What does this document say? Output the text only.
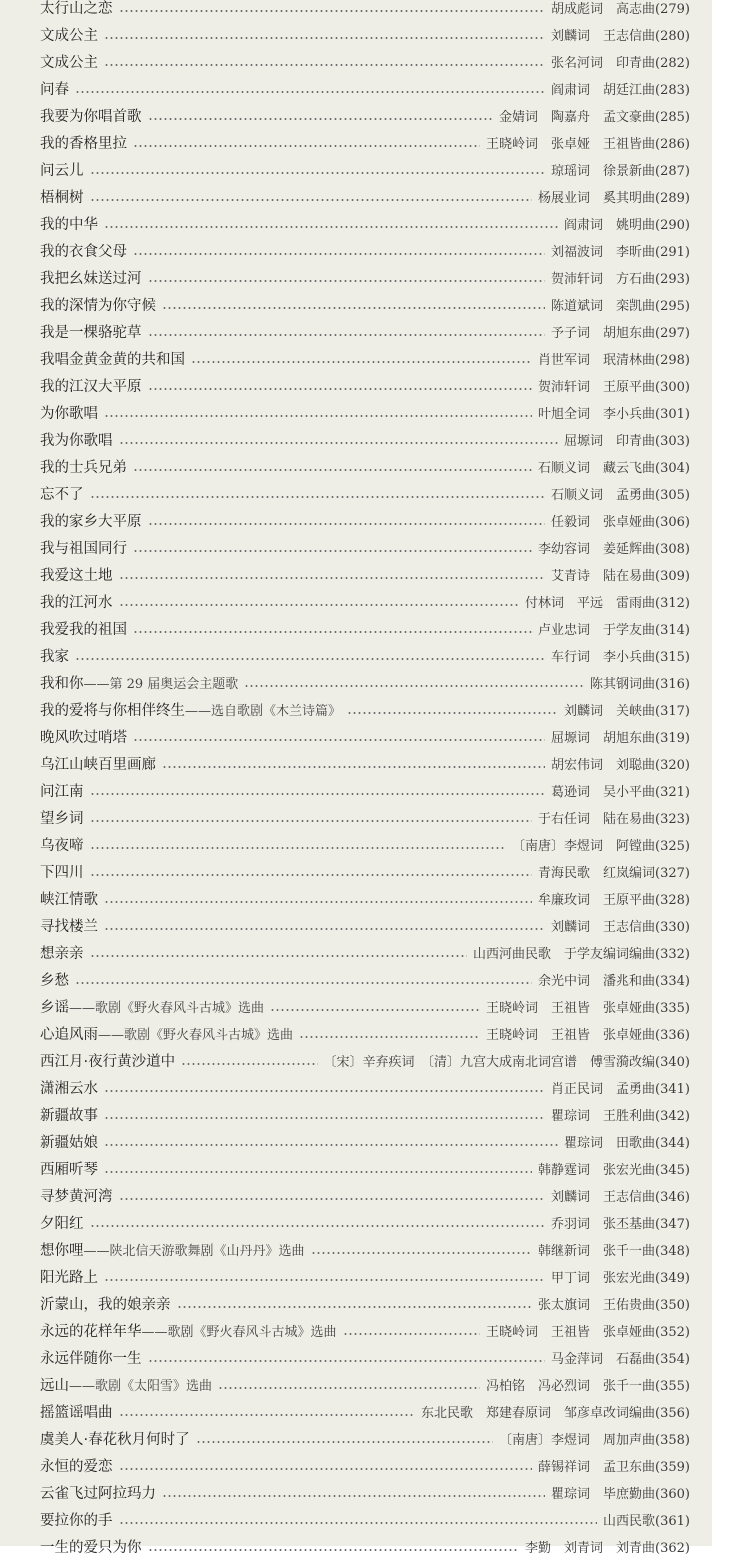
太行山之恋	胡成彪词　高志曲(279)
文成公主	刘麟词　王志信曲(280)
文成公主	张名河词　印青曲(282)
问春	阎肃词　胡廷江曲(283)
我要为你唱首歌	金婧词　陶嘉舟　孟文豪曲(285)
我的香格里拉	王晓岭词　张卓娅　王祖皆曲(286)
问云儿	琼瑶词　徐景新曲(287)
梧桐树	杨展业词　奚其明曲(289)
我的中华	阎肃词　姚明曲(290)
我的衣食父母	刘福波词　李昕曲(291)
我把幺妹送过河	贺沛轩词　方石曲(293)
我的深情为你守候	陈道斌词　栾凯曲(295)
我是一棵骆驼草	予子词　胡旭东曲(297)
我唱金黄金黄的共和国	肖世军词　珉清林曲(298)
我的江汉大平原	贺沛轩词　王原平曲(300)
为你歌唱	叶旭全词　李小兵曲(301)
我为你歌唱	屈塬词　印青曲(303)
我的士兵兄弟	石顺义词　藏云飞曲(304)
忘不了	石顺义词　孟勇曲(305)
我的家乡大平原	任毅词　张卓娅曲(306)
我与祖国同行	李幼容词　姜延辉曲(308)
我爱这土地	艾青诗　陆在易曲(309)
我的江河水	付林词　平远　雷雨曲(312)
我爱我的祖国	卢业忠词　于学友曲(314)
我家	车行词　李小兵曲(315)
我和你 ——第 29 届奥运会主题歌	陈其钢词曲(316)
我的爱将与你相伴终生 ——选自歌剧《木兰诗篇》	刘麟词　关峡曲(317)
晚风吹过哨塔	屈塬词　胡旭东曲(319)
乌江山峡百里画廊	胡宏伟词　刘聪曲(320)
问江南	葛逊词　吴小平曲(321)
望乡词	于右任词　陆在易曲(323)
乌夜啼	〔南唐〕李煜词　阿镗曲(325)
下四川	青海民歌　红岚编词(327)
峡江情歌	牟廉玫词　王原平曲(328)
寻找楼兰	刘麟词　王志信曲(330)
想亲亲	山西河曲民歌　于学友编词编曲(332)
乡愁	余光中词　潘兆和曲(334)
乡谣 ——歌剧《野火春风斗古城》选曲	王晓岭词　王祖皆　张卓娅曲(335)
心追风雨 ——歌剧《野火春风斗古城》选曲	王晓岭词　王祖皆　张卓娅曲(336)
西江月·夜行黄沙道中	〔宋〕辛弃疾词　〔清〕九宫大成南北词宫谱　傅雪漪改编(340)
潇湘云水	肖正民词　孟勇曲(341)
新疆故事	瞿琮词　王胜利曲(342)
新疆姑娘	瞿琮词　田歌曲(344)
西厢听琴	韩静霆词　张宏光曲(345)
寻梦黄河湾	刘麟词　王志信曲(346)
夕阳红	乔羽词　张丕基曲(347)
想你哩 ——陕北信天游歌舞剧《山丹丹》选曲	韩继新词　张千一曲(348)
阳光路上	甲丁词　张宏光曲(349)
沂蒙山，我的娘亲亲	张太旗词　王佑贵曲(350)
永远的花样年华 ——歌剧《野火春风斗古城》选曲	王晓岭词　王祖皆　张卓娅曲(352)
永远伴随你一生	马金萍词　石磊曲(354)
远山 ——歌剧《太阳雪》选曲	冯柏铭　冯必烈词　张千一曲(355)
摇篮谣唱曲	东北民歌　郑建春原词　邹彦卓改词编曲(356)
虞美人·春花秋月何时了	〔南唐〕李煜词　周加声曲(358)
永恒的爱恋	薛锡祥词　孟卫东曲(359)
云雀飞过阿拉玛力	瞿琮词　毕庶勤曲(360)
要拉你的手	山西民歌(361)
一生的爱只为你	李勤　刘青词　刘青曲(362)
